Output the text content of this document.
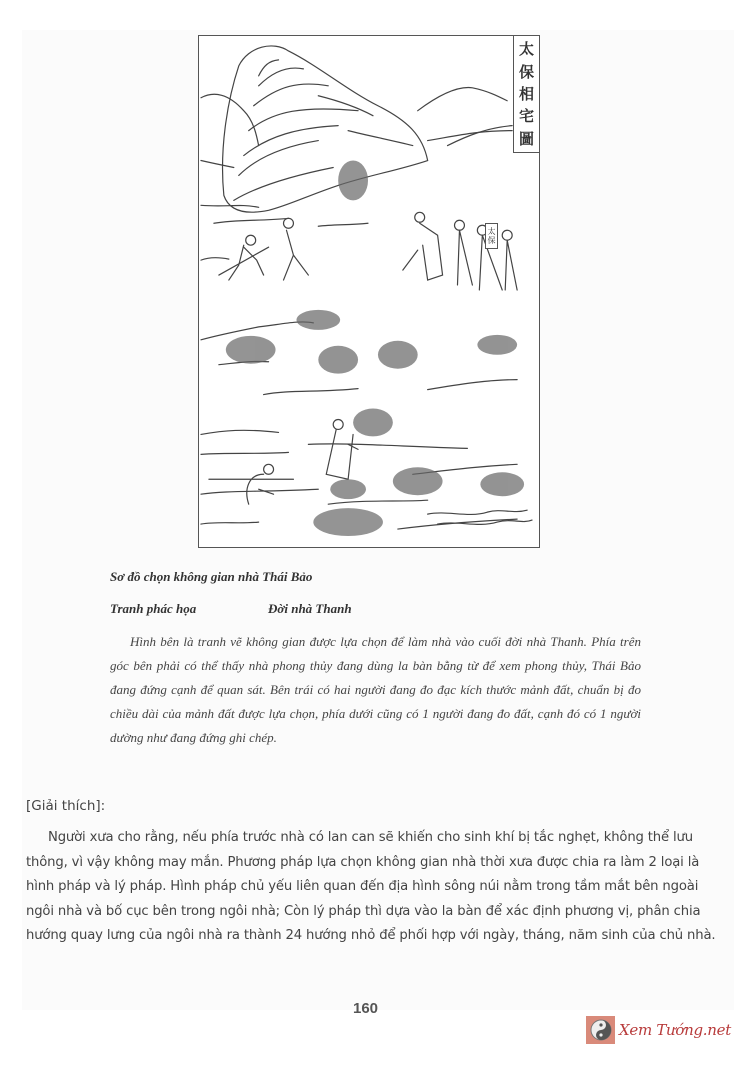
太
保
相
宅
圖
太
保
Sơ đồ chọn không gian nhà Thái Bảo
Tranh phác họa	Đời nhà Thanh

Hình bên là tranh vẽ không gian được lựa chọn để làm nhà vào cuối đời nhà Thanh. Phía trên góc bên phải có thể thấy nhà phong thủy đang dùng la bàn bằng từ để xem phong thủy, Thái Bảo đang đứng cạnh để quan sát. Bên trái có hai người đang đo đạc kích thước mảnh đất, chuẩn bị đo chiều dài của mảnh đất được lựa chọn, phía dưới cũng có 1 người đang đo đất, cạnh đó có 1 người dường như đang đứng ghi chép.

[Giải thích]:

Người xưa cho rằng, nếu phía trước nhà có lan can sẽ khiến cho sinh khí bị tắc nghẹt, không thể lưu thông, vì vậy không may mắn. Phương pháp lựa chọn không gian nhà thời xưa được chia ra làm 2 loại là hình pháp và lý pháp. Hình pháp chủ yếu liên quan đến địa hình sông núi nằm trong tầm mắt bên ngoài ngôi nhà và bố cục bên trong ngôi nhà; Còn lý pháp thì dựa vào la bàn để xác định phương vị, phân chia hướng quay lưng của ngôi nhà ra thành 24 hướng nhỏ để phối hợp với ngày, tháng, năm sinh của chủ nhà.

160
Xem Tướng.net
